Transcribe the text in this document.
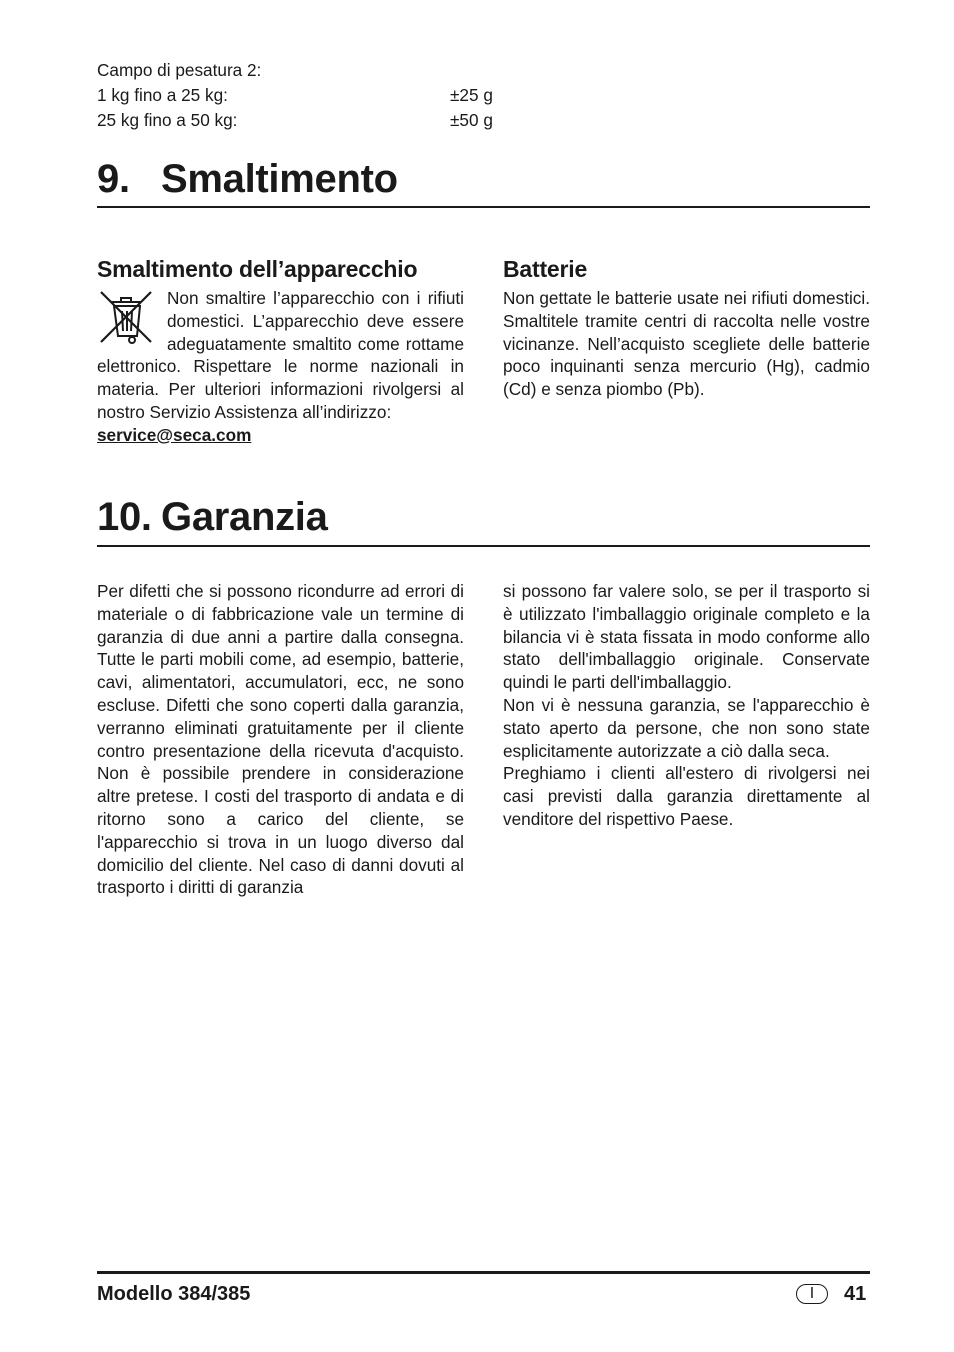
Campo di pesatura 2:
1 kg fino a 25 kg:	±25 g
25 kg fino a 50 kg:	±50 g
9. Smaltimento
Smaltimento dell’apparecchio

Non smaltire l’apparecchio con i rifiuti domestici. L’apparecchio deve essere adeguatamente smaltito come rottame elettronico. Rispettare le norme nazionali in materia. Per ulteriori informazioni rivolgersi al nostro Servizio Assistenza all’indirizzo:

service@seca.com
Batterie

Non gettate le batterie usate nei rifiuti domestici. Smaltitele tramite centri di raccolta nelle vostre vicinanze. Nell’acquisto scegliete delle batterie poco inquinanti senza mercurio (Hg), cadmio (Cd) e senza piombo (Pb).

10. Garanzia

Per difetti che si possono ricondurre ad errori di materiale o di fabbricazione vale un termine di garanzia di due anni a partire dalla consegna. Tutte le parti mobili come, ad esempio, batterie, cavi, alimentatori, accumulatori, ecc, ne sono escluse. Difetti che sono coperti dalla garanzia, verranno eliminati gratuitamente per il cliente contro presentazione della ricevuta d'acquisto. Non è possibile prendere in considerazione altre pretese. I costi del trasporto di andata e di ritorno sono a carico del cliente, se l'apparecchio si trova in un luogo diverso dal domicilio del cliente. Nel caso di danni dovuti al trasporto i diritti di garanzia

si possono far valere solo, se per il trasporto si è utilizzato l'imballaggio originale completo e la bilancia vi è stata fissata in modo conforme allo stato dell'imballaggio originale. Conservate quindi le parti dell'imballaggio.

Non vi è nessuna garanzia, se l'apparecchio è stato aperto da persone, che non sono state esplicitamente autorizzate a ciò dalla seca.

Preghiamo i clienti all'estero di rivolgersi nei casi previsti dalla garanzia direttamente al venditore del rispettivo Paese.

Modello 384/385	I	41
